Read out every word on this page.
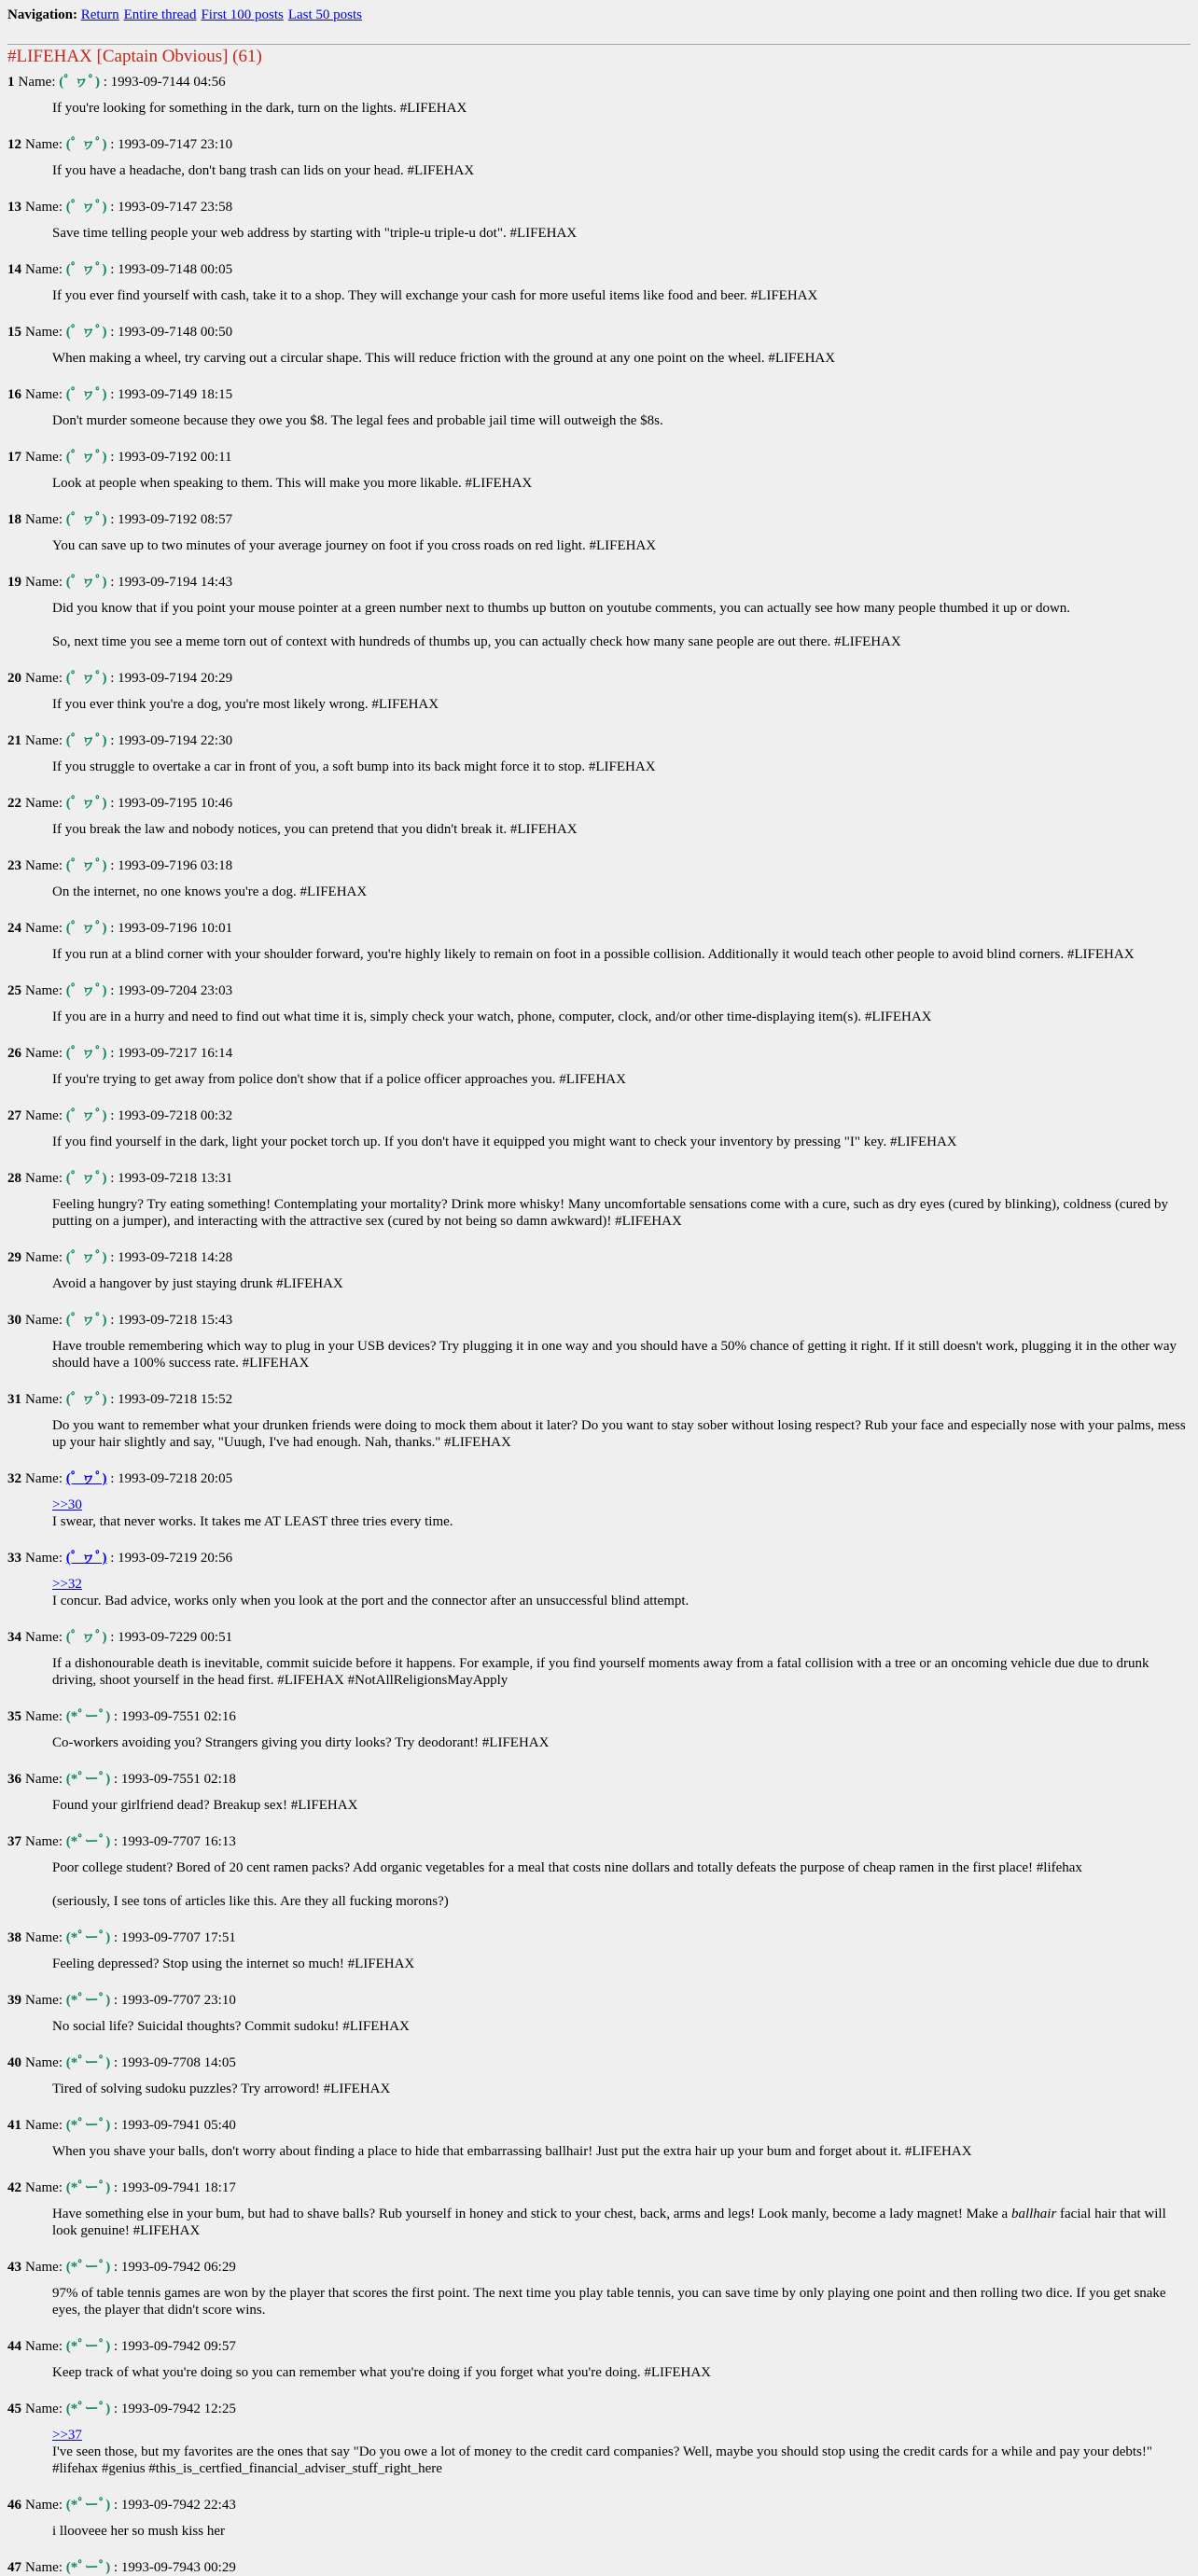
Navigation: Return Entire thread First 100 posts Last 50 posts
#LIFEHAX [Captain Obvious] (61)
1 Name: (ﾟ ヮﾟ) : 1993-09-7144 04:56

If you're looking for something in the dark, turn on the lights. #LIFEHAX

12 Name: (ﾟ ヮﾟ) : 1993-09-7147 23:10

If you have a headache, don't bang trash can lids on your head. #LIFEHAX

13 Name: (ﾟ ヮﾟ) : 1993-09-7147 23:58

Save time telling people your web address by starting with "triple-u triple-u dot". #LIFEHAX

14 Name: (ﾟ ヮﾟ) : 1993-09-7148 00:05

If you ever find yourself with cash, take it to a shop. They will exchange your cash for more useful items like food and beer. #LIFEHAX

15 Name: (ﾟ ヮﾟ) : 1993-09-7148 00:50

When making a wheel, try carving out a circular shape. This will reduce friction with the ground at any one point on the wheel. #LIFEHAX

16 Name: (ﾟ ヮﾟ) : 1993-09-7149 18:15

Don't murder someone because they owe you $8. The legal fees and probable jail time will outweigh the $8s.

17 Name: (ﾟ ヮﾟ) : 1993-09-7192 00:11

Look at people when speaking to them. This will make you more likable. #LIFEHAX

18 Name: (ﾟ ヮﾟ) : 1993-09-7192 08:57

You can save up to two minutes of your average journey on foot if you cross roads on red light. #LIFEHAX

19 Name: (ﾟ ヮﾟ) : 1993-09-7194 14:43

Did you know that if you point your mouse pointer at a green number next to thumbs up button on youtube comments, you can actually see how many people thumbed it up or down.

So, next time you see a meme torn out of context with hundreds of thumbs up, you can actually check how many sane people are out there. #LIFEHAX

20 Name: (ﾟ ヮﾟ) : 1993-09-7194 20:29

If you ever think you're a dog, you're most likely wrong. #LIFEHAX

21 Name: (ﾟ ヮﾟ) : 1993-09-7194 22:30

If you struggle to overtake a car in front of you, a soft bump into its back might force it to stop. #LIFEHAX

22 Name: (ﾟ ヮﾟ) : 1993-09-7195 10:46

If you break the law and nobody notices, you can pretend that you didn't break it. #LIFEHAX

23 Name: (ﾟ ヮﾟ) : 1993-09-7196 03:18

On the internet, no one knows you're a dog. #LIFEHAX

24 Name: (ﾟ ヮﾟ) : 1993-09-7196 10:01

If you run at a blind corner with your shoulder forward, you're highly likely to remain on foot in a possible collision. Additionally it would teach other people to avoid blind corners. #LIFEHAX

25 Name: (ﾟ ヮﾟ) : 1993-09-7204 23:03

If you are in a hurry and need to find out what time it is, simply check your watch, phone, computer, clock, and/or other time-displaying item(s). #LIFEHAX

26 Name: (ﾟ ヮﾟ) : 1993-09-7217 16:14

If you're trying to get away from police don't show that if a police officer approaches you. #LIFEHAX

27 Name: (ﾟ ヮﾟ) : 1993-09-7218 00:32

If you find yourself in the dark, light your pocket torch up. If you don't have it equipped you might want to check your inventory by pressing "I" key. #LIFEHAX

28 Name: (ﾟ ヮﾟ) : 1993-09-7218 13:31

Feeling hungry? Try eating something! Contemplating your mortality? Drink more whisky! Many uncomfortable sensations come with a cure, such as dry eyes (cured by blinking), coldness (cured by putting on a jumper), and interacting with the attractive sex (cured by not being so damn awkward)! #LIFEHAX

29 Name: (ﾟ ヮﾟ) : 1993-09-7218 14:28

Avoid a hangover by just staying drunk #LIFEHAX

30 Name: (ﾟ ヮﾟ) : 1993-09-7218 15:43

Have trouble remembering which way to plug in your USB devices? Try plugging it in one way and you should have a 50% chance of getting it right. If it still doesn't work, plugging it in the other way should have a 100% success rate. #LIFEHAX

31 Name: (ﾟ ヮﾟ) : 1993-09-7218 15:52

Do you want to remember what your drunken friends were doing to mock them about it later? Do you want to stay sober without losing respect? Rub your face and especially nose with your palms, mess up your hair slightly and say, "Uuugh, I've had enough. Nah, thanks." #LIFEHAX

32 Name: (ﾟ ヮﾟ) : 1993-09-7218 20:05
>>30
I swear, that never works. It takes me AT LEAST three tries every time.
33 Name: (ﾟ ヮﾟ) : 1993-09-7219 20:56
>>32
I concur. Bad advice, works only when you look at the port and the connector after an unsuccessful blind attempt.
34 Name: (ﾟ ヮﾟ) : 1993-09-7229 00:51

If a dishonourable death is inevitable, commit suicide before it happens. For example, if you find yourself moments away from a fatal collision with a tree or an oncoming vehicle due due to drunk driving, shoot yourself in the head first. #LIFEHAX #NotAllReligionsMayApply

35 Name: (*ﾟーﾟ) : 1993-09-7551 02:16

Co-workers avoiding you? Strangers giving you dirty looks? Try deodorant! #LIFEHAX

36 Name: (*ﾟーﾟ) : 1993-09-7551 02:18

Found your girlfriend dead? Breakup sex! #LIFEHAX

37 Name: (*ﾟーﾟ) : 1993-09-7707 16:13

Poor college student? Bored of 20 cent ramen packs? Add organic vegetables for a meal that costs nine dollars and totally defeats the purpose of cheap ramen in the first place! #lifehax

(seriously, I see tons of articles like this. Are they all fucking morons?)

38 Name: (*ﾟーﾟ) : 1993-09-7707 17:51

Feeling depressed? Stop using the internet so much! #LIFEHAX

39 Name: (*ﾟーﾟ) : 1993-09-7707 23:10

No social life? Suicidal thoughts? Commit sudoku! #LIFEHAX

40 Name: (*ﾟーﾟ) : 1993-09-7708 14:05

Tired of solving sudoku puzzles? Try arroword! #LIFEHAX

41 Name: (*ﾟーﾟ) : 1993-09-7941 05:40

When you shave your balls, don't worry about finding a place to hide that embarrassing ballhair! Just put the extra hair up your bum and forget about it. #LIFEHAX

42 Name: (*ﾟーﾟ) : 1993-09-7941 18:17

Have something else in your bum, but had to shave balls? Rub yourself in honey and stick to your chest, back, arms and legs! Look manly, become a lady magnet! Make a ballhair facial hair that will look genuine! #LIFEHAX

43 Name: (*ﾟーﾟ) : 1993-09-7942 06:29

97% of table tennis games are won by the player that scores the first point. The next time you play table tennis, you can save time by only playing one point and then rolling two dice. If you get snake eyes, the player that didn't score wins.

44 Name: (*ﾟーﾟ) : 1993-09-7942 09:57

Keep track of what you're doing so you can remember what you're doing if you forget what you're doing. #LIFEHAX

45 Name: (*ﾟーﾟ) : 1993-09-7942 12:25
>>37
I've seen those, but my favorites are the ones that say "Do you owe a lot of money to the credit card companies? Well, maybe you should stop using the credit cards for a while and pay your debts!" #lifehax #genius #this_is_certfied_financial_adviser_stuff_right_here
46 Name: (*ﾟーﾟ) : 1993-09-7942 22:43

i llooveee her so mush kiss her

47 Name: (*ﾟーﾟ) : 1993-09-7943 00:29
